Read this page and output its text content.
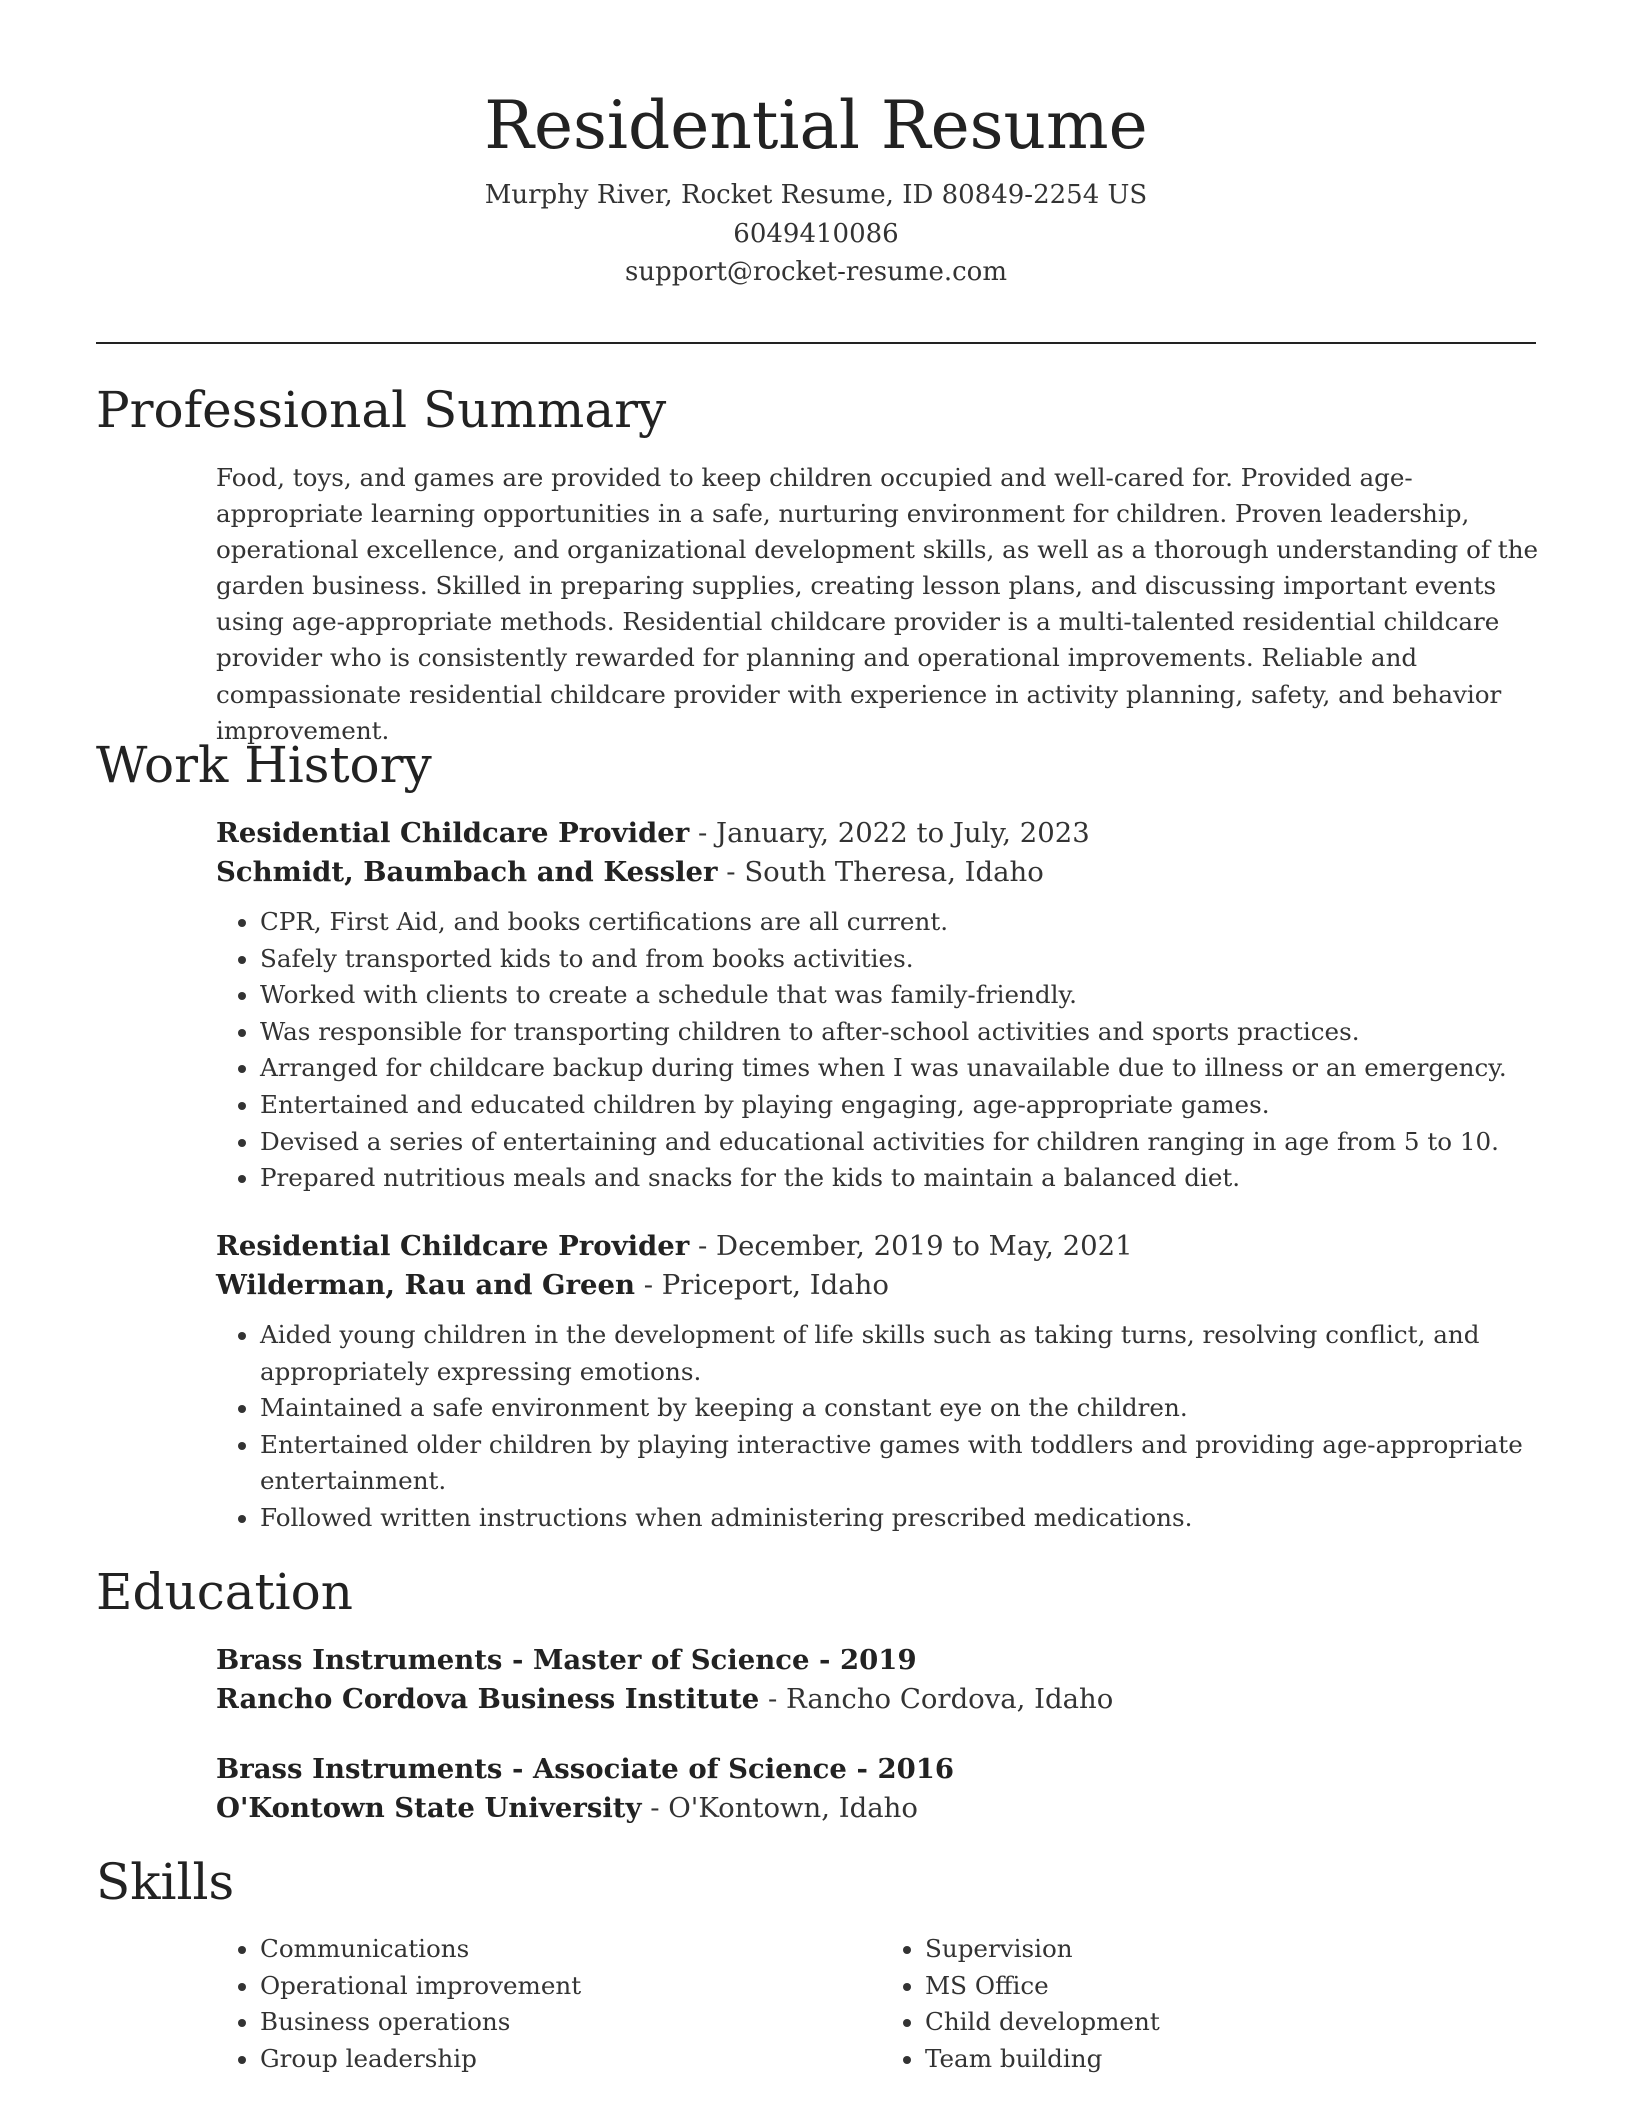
Residential Resume
Murphy River, Rocket Resume, ID 80849-2254 US
6049410086
support@rocket-resume.com
Professional Summary

Food, toys, and games are provided to keep children occupied and well-cared for. Provided age-appropriate learning opportunities in a safe, nurturing environment for children. Proven leadership, operational excellence, and organizational development skills, as well as a thorough understanding of the garden business. Skilled in preparing supplies, creating lesson plans, and discussing important events using age-appropriate methods. Residential childcare provider is a multi-talented residential childcare provider who is consistently rewarded for planning and operational improvements. Reliable and compassionate residential childcare provider with experience in activity planning, safety, and behavior improvement.

Work History
Residential Childcare Provider - January, 2022 to July, 2023
Schmidt, Baumbach and Kessler - South Theresa, Idaho
• CPR, First Aid, and books certifications are all current.
• Safely transported kids to and from books activities.
• Worked with clients to create a schedule that was family-friendly.
• Was responsible for transporting children to after-school activities and sports practices.
• Arranged for childcare backup during times when I was unavailable due to illness or an emergency.
• Entertained and educated children by playing engaging, age-appropriate games.
• Devised a series of entertaining and educational activities for children ranging in age from 5 to 10.
• Prepared nutritious meals and snacks for the kids to maintain a balanced diet.
Residential Childcare Provider - December, 2019 to May, 2021
Wilderman, Rau and Green - Priceport, Idaho
• Aided young children in the development of life skills such as taking turns, resolving conflict, and appropriately expressing emotions.
• Maintained a safe environment by keeping a constant eye on the children.
• Entertained older children by playing interactive games with toddlers and providing age-appropriate entertainment.
• Followed written instructions when administering prescribed medications.
Education
Brass Instruments - Master of Science - 2019
Rancho Cordova Business Institute - Rancho Cordova, Idaho
Brass Instruments - Associate of Science - 2016
O'Kontown State University - O'Kontown, Idaho
Skills
• Communications
• Operational improvement
• Business operations
• Group leadership
• Supervision
• MS Office
• Child development
• Team building
